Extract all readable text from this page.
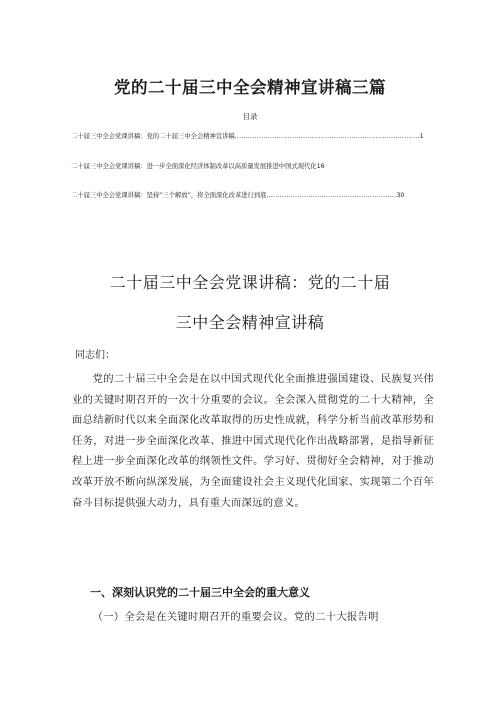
党的二十届三中全会精神宣讲稿三篇
目录
二十届三中全会党课讲稿：党的二十届三中全会精神宣讲稿....................................................................................1
二十届三中全会党课讲稿：进一步全面深化经济体制改革以高质量发展推进中国式现代化16
二十届三中全会党课讲稿：坚持“三个解放”，将全面深化改革进行到底...........................................................30
二十届三中全会党课讲稿：党的二十届
三中全会精神宣讲稿
同志们：
党的二十届三中全会是在以中国式现代化全面推进强国建设、民族复兴伟业的关键时期召开的一次十分重要的会议。全会深入贯彻党的二十大精神，全面总结新时代以来全面深化改革取得的历史性成就，科学分析当前改革形势和任务，对进一步全面深化改革、推进中国式现代化作出战略部署，是指导新征程上进一步全面深化改革的纲领性文件。学习好、贯彻好全会精神，对于推动改革开放不断向纵深发展，为全面建设社会主义现代化国家、实现第二个百年奋斗目标提供强大动力，具有重大而深远的意义。
一、深刻认识党的二十届三中全会的重大意义
（一）全会是在关键时期召开的重要会议。党的二十大报告明
